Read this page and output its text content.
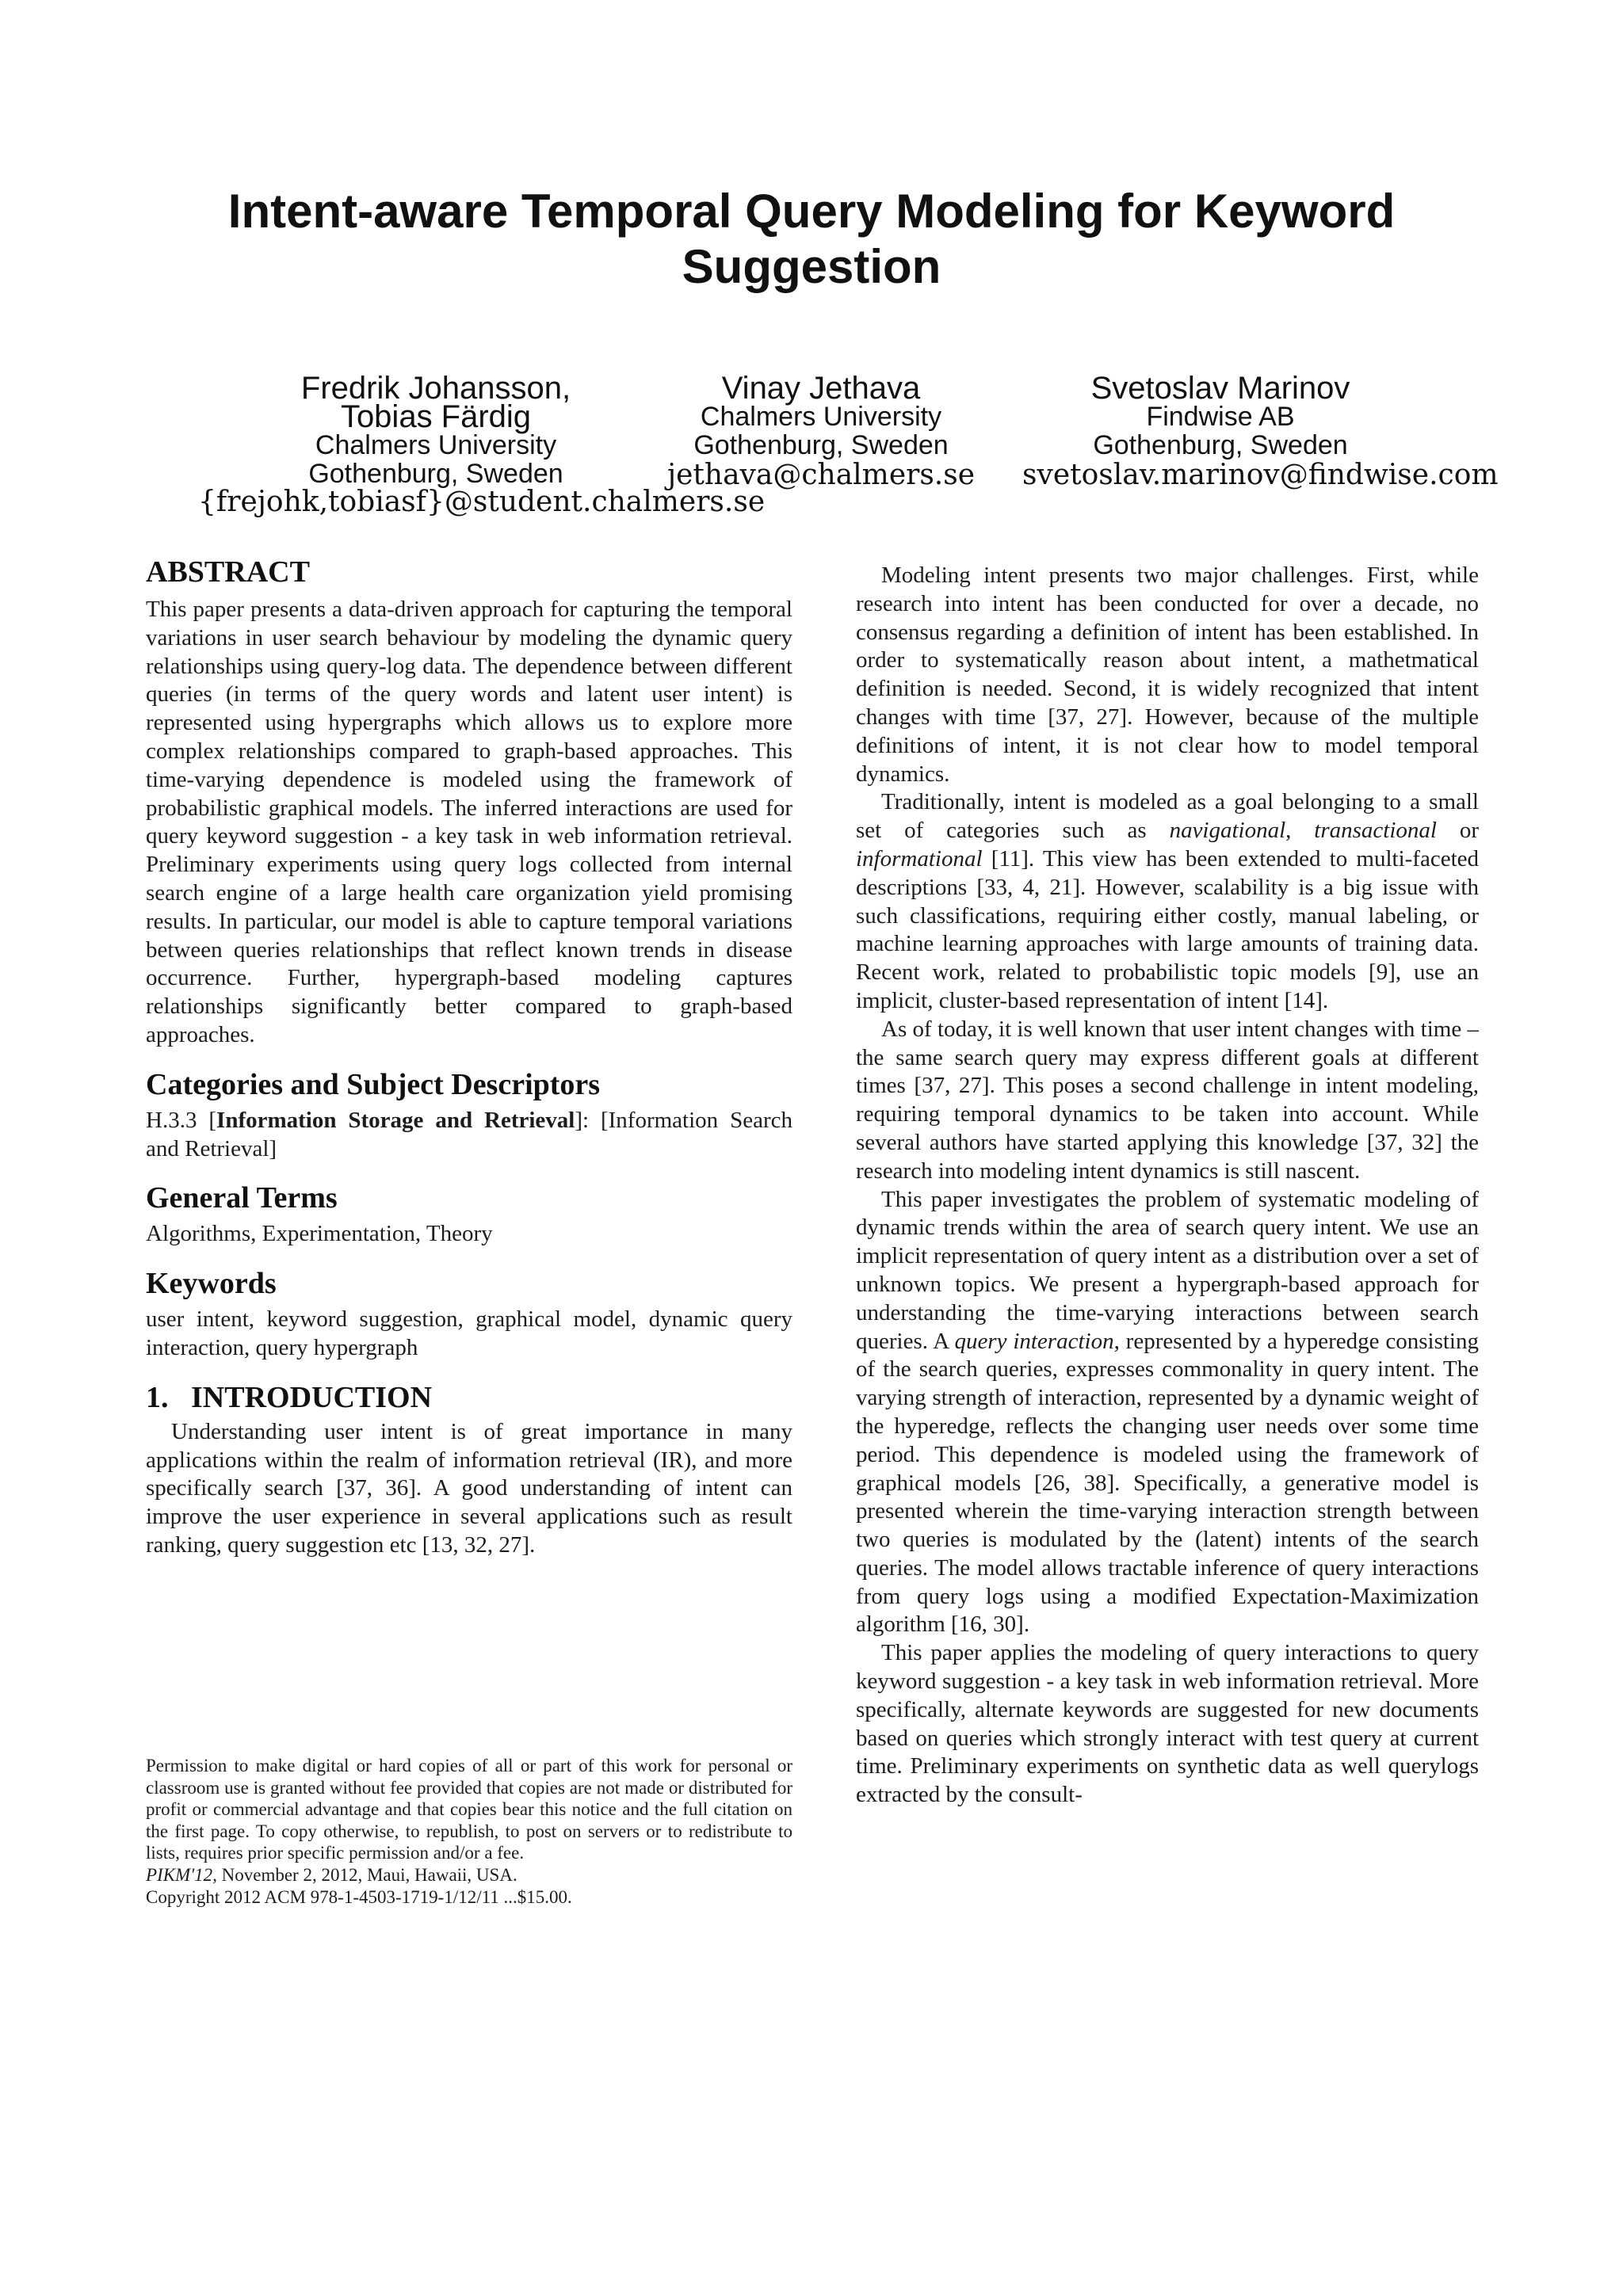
Intent-aware Temporal Query Modeling for Keyword
Suggestion
Fredrik Johansson,
Tobias Färdig
Chalmers University
Gothenburg, Sweden
{frejohk,tobiasf}@student.chalmers.se
Vinay Jethava
Chalmers University
Gothenburg, Sweden
jethava@chalmers.se
Svetoslav Marinov
Findwise AB
Gothenburg, Sweden
svetoslav.marinov@findwise.com
ABSTRACT

This paper presents a data-driven approach for capturing the temporal variations in user search behaviour by modeling the dynamic query relationships using query-log data. The dependence between different queries (in terms of the query words and latent user intent) is represented using hypergraphs which allows us to explore more complex relationships compared to graph-based approaches. This time-varying dependence is modeled using the framework of probabilistic graphical models. The inferred interactions are used for query keyword suggestion - a key task in web information retrieval. Preliminary experiments using query logs collected from internal search engine of a large health care organization yield promising results. In particular, our model is able to capture temporal variations between queries relationships that reflect known trends in disease occurrence. Further, hypergraph-based modeling captures relationships significantly better compared to graph-based approaches.

Categories and Subject Descriptors

H.3.3 [Information Storage and Retrieval]: [Information Search and Retrieval]

General Terms

Algorithms, Experimentation, Theory

Keywords

user intent, keyword suggestion, graphical model, dynamic query interaction, query hypergraph

1.   INTRODUCTION

Understanding user intent is of great importance in many applications within the realm of information retrieval (IR), and more specifically search [37, 36]. A good understanding of intent can improve the user experience in several applications such as result ranking, query suggestion etc [13, 32, 27].

Permission to make digital or hard copies of all or part of this work for personal or classroom use is granted without fee provided that copies are not made or distributed for profit or commercial advantage and that copies bear this notice and the full citation on the first page. To copy otherwise, to republish, to post on servers or to redistribute to lists, requires prior specific permission and/or a fee.

PIKM'12, November 2, 2012, Maui, Hawaii, USA.

Copyright 2012 ACM 978-1-4503-1719-1/12/11 ...$15.00.

Modeling intent presents two major challenges. First, while research into intent has been conducted for over a decade, no consensus regarding a definition of intent has been established. In order to systematically reason about intent, a mathetmatical definition is needed. Second, it is widely recognized that intent changes with time [37, 27]. However, because of the multiple definitions of intent, it is not clear how to model temporal dynamics.

Traditionally, intent is modeled as a goal belonging to a small set of categories such as navigational, transactional or informational [11]. This view has been extended to multi-faceted descriptions [33, 4, 21]. However, scalability is a big issue with such classifications, requiring either costly, manual labeling, or machine learning approaches with large amounts of training data. Recent work, related to probabilistic topic models [9], use an implicit, cluster-based representation of intent [14].

As of today, it is well known that user intent changes with time – the same search query may express different goals at different times [37, 27]. This poses a second challenge in intent modeling, requiring temporal dynamics to be taken into account. While several authors have started applying this knowledge [37, 32] the research into modeling intent dynamics is still nascent.

This paper investigates the problem of systematic modeling of dynamic trends within the area of search query intent. We use an implicit representation of query intent as a distribution over a set of unknown topics. We present a hypergraph-based approach for understanding the time-varying interactions between search queries. A query interaction, represented by a hyperedge consisting of the search queries, expresses commonality in query intent. The varying strength of interaction, represented by a dynamic weight of the hyperedge, reflects the changing user needs over some time period. This dependence is modeled using the framework of graphical models [26, 38]. Specifically, a generative model is presented wherein the time-varying interaction strength between two queries is modulated by the (latent) intents of the search queries. The model allows tractable inference of query interactions from query logs using a modified Expectation-Maximization algorithm [16, 30].

This paper applies the modeling of query interactions to query keyword suggestion - a key task in web information retrieval. More specifically, alternate keywords are suggested for new documents based on queries which strongly interact with test query at current time. Preliminary experiments on synthetic data as well querylogs extracted by the consult-
